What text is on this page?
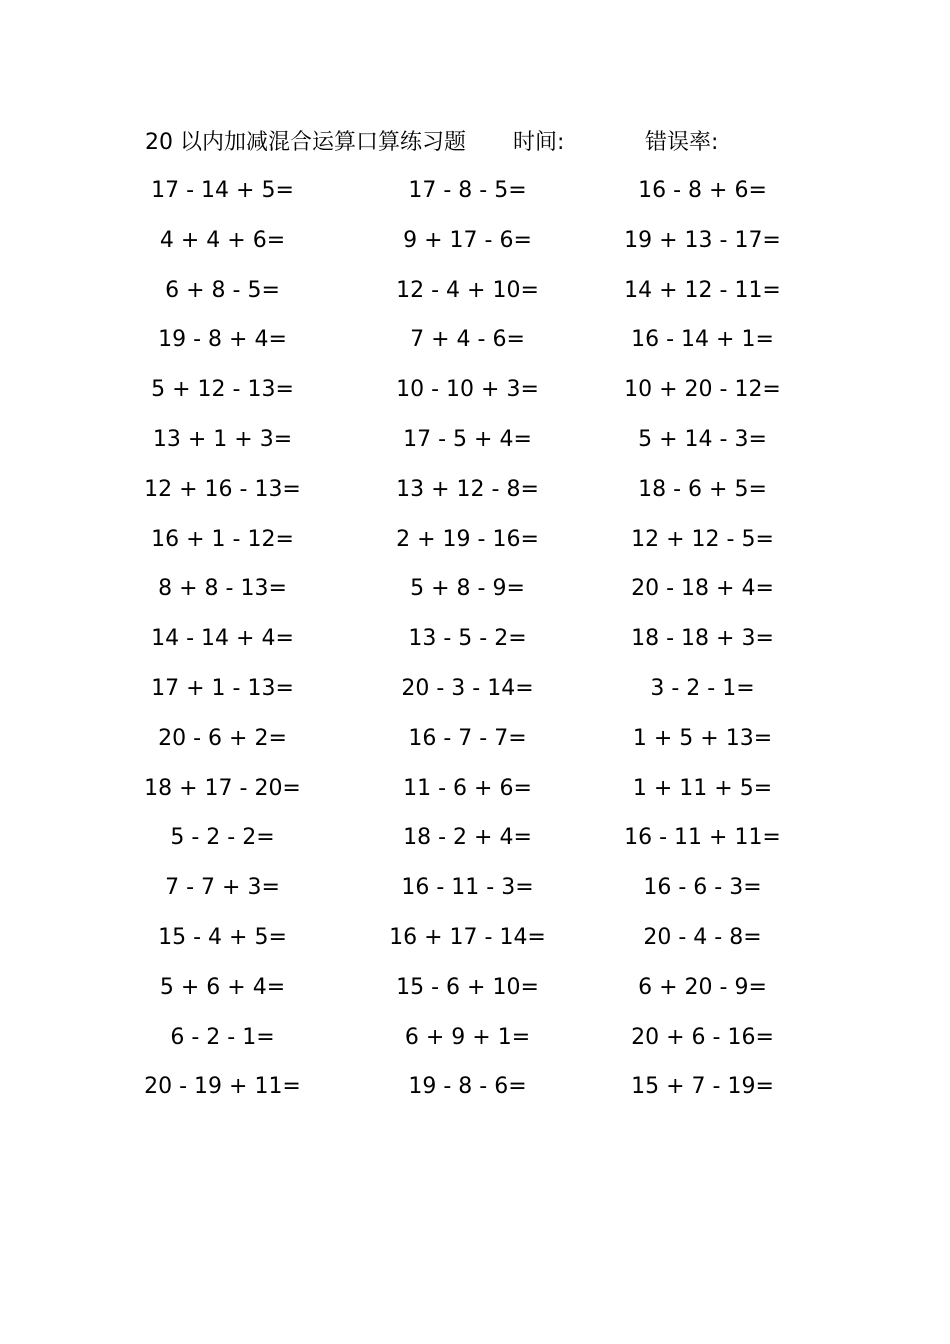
20 以内加减混合运算口算练习题 时间:	错误率:
17 - 14 + 5=	17 - 8 - 5=	16 - 8 + 6=
4 + 4 + 6=	9 + 17 - 6=	19 + 13 - 17=
6 + 8 - 5=	12 - 4 + 10=	14 + 12 - 11=
19 - 8 + 4=	7 + 4 - 6=	16 - 14 + 1=
5 + 12 - 13=	10 - 10 + 3=	10 + 20 - 12=
13 + 1 + 3=	17 - 5 + 4=	5 + 14 - 3=
12 + 16 - 13=	13 + 12 - 8=	18 - 6 + 5=
16 + 1 - 12=	2 + 19 - 16=	12 + 12 - 5=
8 + 8 - 13=	5 + 8 - 9=	20 - 18 + 4=
14 - 14 + 4=	13 - 5 - 2=	18 - 18 + 3=
17 + 1 - 13=	20 - 3 - 14=	3 - 2 - 1=
20 - 6 + 2=	16 - 7 - 7=	1 + 5 + 13=
18 + 17 - 20=	11 - 6 + 6=	1 + 11 + 5=
5 - 2 - 2=	18 - 2 + 4=	16 - 11 + 11=
7 - 7 + 3=	16 - 11 - 3=	16 - 6 - 3=
15 - 4 + 5=	16 + 17 - 14=	20 - 4 - 8=
5 + 6 + 4=	15 - 6 + 10=	6 + 20 - 9=
6 - 2 - 1=	6 + 9 + 1=	20 + 6 - 16=
20 - 19 + 11=	19 - 8 - 6=	15 + 7 - 19=
